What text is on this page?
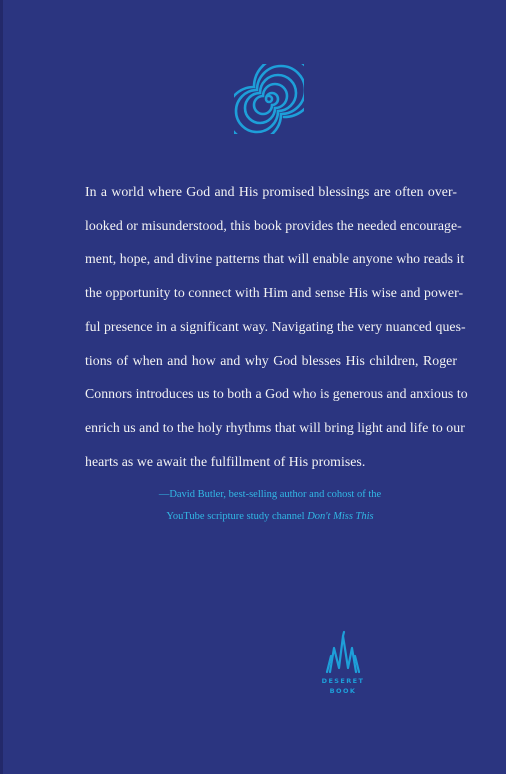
In a world where God and His promised blessings are often over-
looked or misunderstood, this book provides the needed encourage-
ment, hope, and divine patterns that will enable anyone who reads it
the opportunity to connect with Him and sense His wise and power-
ful presence in a significant way. Navigating the very nuanced ques-
tions of when and how and why God blesses His children, Roger
Connors introduces us to both a God who is generous and anxious to
enrich us and to the holy rhythms that will bring light and life to our
hearts as we await the fulfillment of His promises.

—David Butler, best-selling author and cohost of the
YouTube scripture study channel Don't Miss This
DESERET
BOOK
